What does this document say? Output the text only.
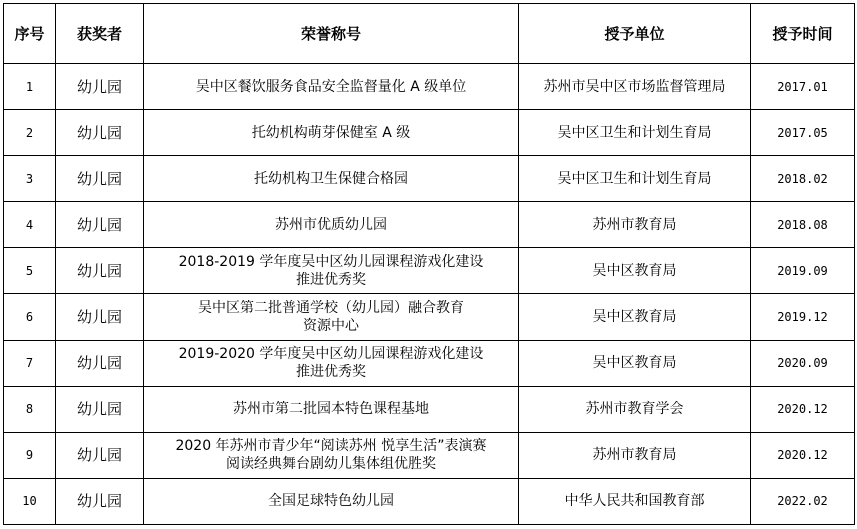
序号	获奖者	荣誉称号	授予单位	授予时间
1	幼儿园	吴中区餐饮服务食品安全监督量化 A 级单位	苏州市吴中区市场监督管理局	2017.01
2	幼儿园	托幼机构萌芽保健室 A 级	吴中区卫生和计划生育局	2017.05
3	幼儿园	托幼机构卫生保健合格园	吴中区卫生和计划生育局	2018.02
4	幼儿园	苏州市优质幼儿园	苏州市教育局	2018.08
5	幼儿园	2018-2019 学年度吴中区幼儿园课程游戏化建设
推进优秀奖	吴中区教育局	2019.09
6	幼儿园	吴中区第二批普通学校（幼儿园）融合教育
资源中心	吴中区教育局	2019.12
7	幼儿园	2019-2020 学年度吴中区幼儿园课程游戏化建设
推进优秀奖	吴中区教育局	2020.09
8	幼儿园	苏州市第二批园本特色课程基地	苏州市教育学会	2020.12
9	幼儿园	2020 年苏州市青少年“阅读苏州 悦享生活”表演赛
阅读经典舞台剧幼儿集体组优胜奖	苏州市教育局	2020.12
10	幼儿园	全国足球特色幼儿园	中华人民共和国教育部	2022.02
